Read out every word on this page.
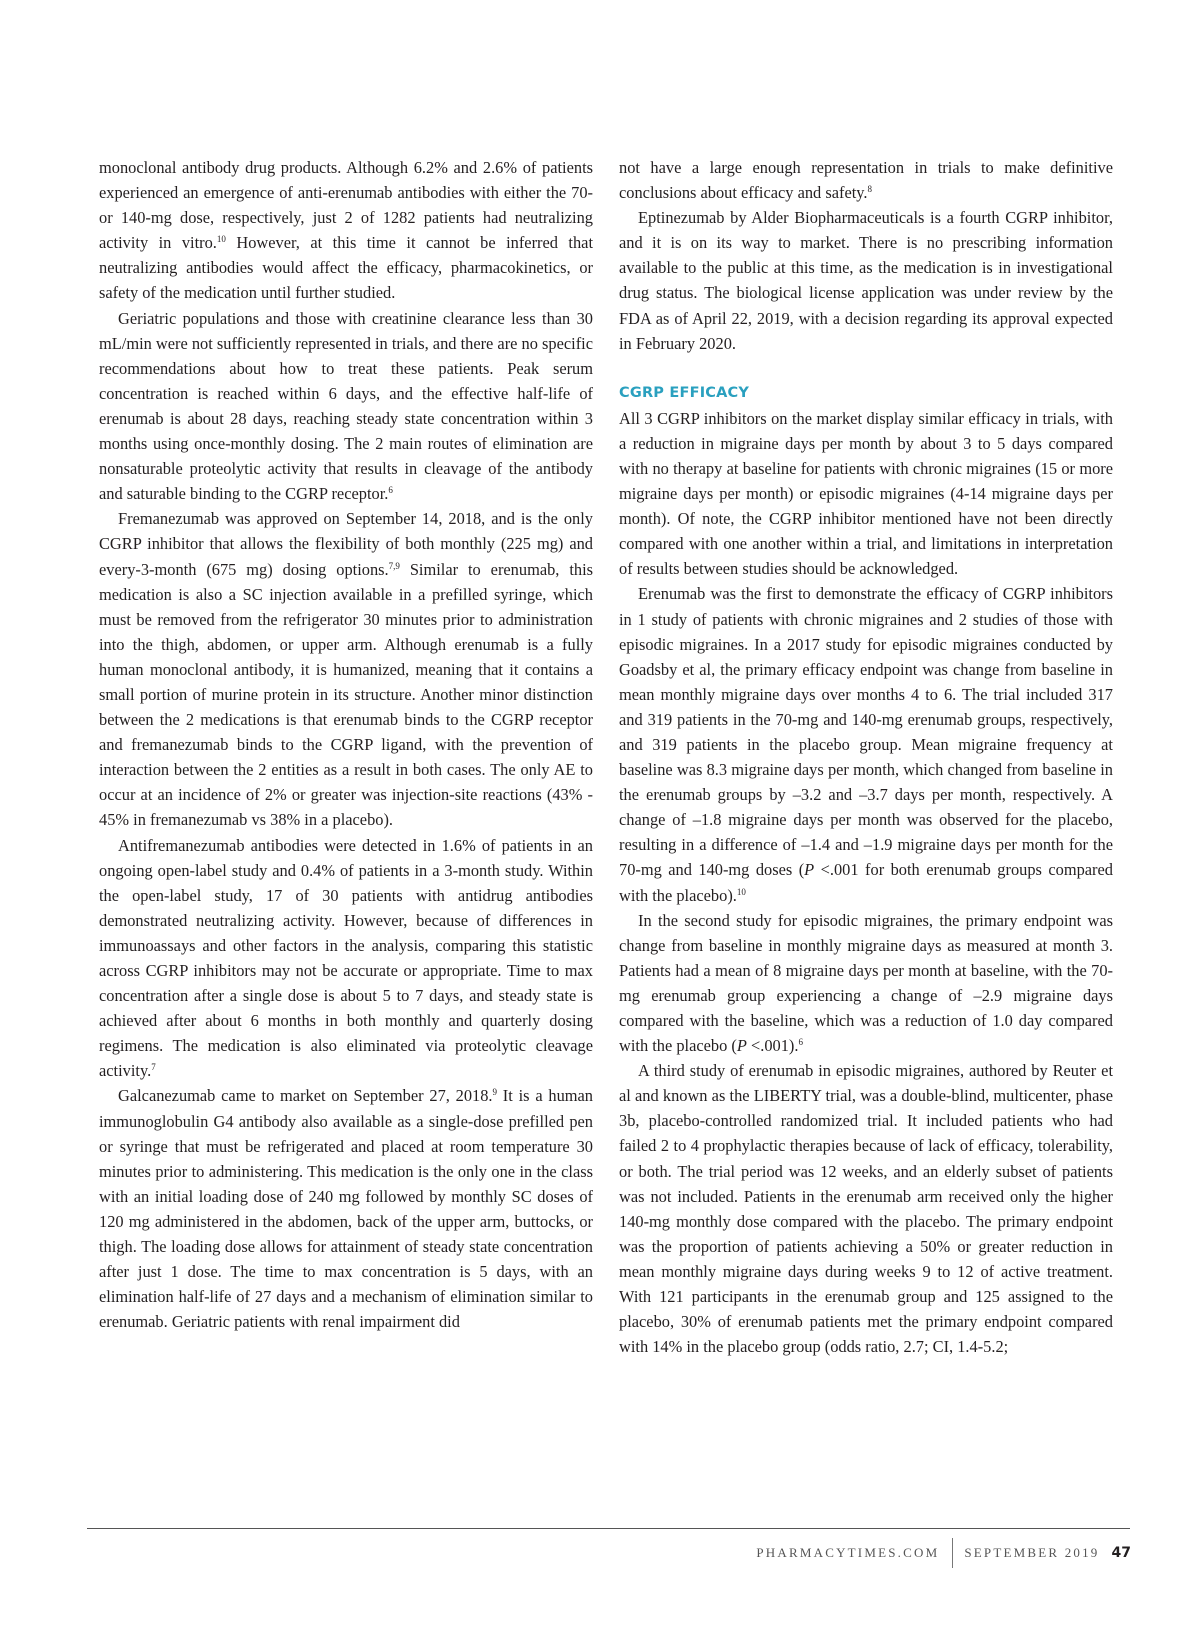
monoclonal antibody drug products. Although 6.2% and 2.6% of patients experienced an emergence of anti-erenumab antibodies with either the 70- or 140-mg dose, respectively, just 2 of 1282 patients had neutralizing activity in vitro.$^{10}$ However, at this time it cannot be inferred that neutralizing antibodies would affect the efficacy, pharmacokinetics, or safety of the medication until further studied.

Geriatric populations and those with creatinine clearance less than 30 mL/min were not sufficiently represented in trials, and there are no specific recommendations about how to treat these patients. Peak serum concentration is reached within 6 days, and the effective half-life of erenumab is about 28 days, reaching steady state concentration within 3 months using once-monthly dosing. The 2 main routes of elimination are nonsaturable proteolytic activity that results in cleavage of the antibody and saturable binding to the CGRP receptor.$^6$

Fremanezumab was approved on September 14, 2018, and is the only CGRP inhibitor that allows the flexibility of both monthly (225 mg) and every-3-month (675 mg) dosing options.$^{7,9}$ Similar to erenumab, this medication is also a SC injection available in a prefilled syringe, which must be removed from the refrigerator 30 minutes prior to administration into the thigh, abdomen, or upper arm. Although erenumab is a fully human monoclonal antibody, it is humanized, meaning that it contains a small portion of murine protein in its structure. Another minor distinction between the 2 medications is that erenumab binds to the CGRP receptor and fremanezumab binds to the CGRP ligand, with the prevention of interaction between the 2 entities as a result in both cases. The only AE to occur at an incidence of 2% or greater was injection-site reactions (43% - 45% in fremanezumab vs 38% in a placebo).

Antifremanezumab antibodies were detected in 1.6% of patients in an ongoing open-label study and 0.4% of patients in a 3-month study. Within the open-label study, 17 of 30 patients with antidrug antibodies demonstrated neutralizing activity. However, because of differences in immunoassays and other factors in the analysis, comparing this statistic across CGRP inhibitors may not be accurate or appropriate. Time to max concentration after a single dose is about 5 to 7 days, and steady state is achieved after about 6 months in both monthly and quarterly dosing regimens. The medication is also eliminated via proteolytic cleavage activity.$^7$

Galcanezumab came to market on September 27, 2018.$^9$ It is a human immunoglobulin G4 antibody also available as a single-dose prefilled pen or syringe that must be refrigerated and placed at room temperature 30 minutes prior to administering. This medication is the only one in the class with an initial loading dose of 240 mg followed by monthly SC doses of 120 mg administered in the abdomen, back of the upper arm, buttocks, or thigh. The loading dose allows for attainment of steady state concentration after just 1 dose. The time to max concentration is 5 days, with an elimination half-life of 27 days and a mechanism of elimination similar to erenumab. Geriatric patients with renal impairment did

not have a large enough representation in trials to make definitive conclusions about efficacy and safety.$^8$

Eptinezumab by Alder Biopharmaceuticals is a fourth CGRP inhibitor, and it is on its way to market. There is no prescribing information available to the public at this time, as the medication is in investigational drug status. The biological license application was under review by the FDA as of April 22, 2019, with a decision regarding its approval expected in February 2020.

CGRP EFFICACY

All 3 CGRP inhibitors on the market display similar efficacy in trials, with a reduction in migraine days per month by about 3 to 5 days compared with no therapy at baseline for patients with chronic migraines (15 or more migraine days per month) or episodic migraines (4-14 migraine days per month). Of note, the CGRP inhibitor mentioned have not been directly compared with one another within a trial, and limitations in interpretation of results between studies should be acknowledged.

Erenumab was the first to demonstrate the efficacy of CGRP inhibitors in 1 study of patients with chronic migraines and 2 studies of those with episodic migraines. In a 2017 study for episodic migraines conducted by Goadsby et al, the primary efficacy endpoint was change from baseline in mean monthly migraine days over months 4 to 6. The trial included 317 and 319 patients in the 70-mg and 140-mg erenumab groups, respectively, and 319 patients in the placebo group. Mean migraine frequency at baseline was 8.3 migraine days per month, which changed from baseline in the erenumab groups by –3.2 and –3.7 days per month, respectively. A change of –1.8 migraine days per month was observed for the placebo, resulting in a difference of –1.4 and –1.9 migraine days per month for the 70-mg and 140-mg doses (P <.001 for both erenumab groups compared with the placebo).$^{10}$

In the second study for episodic migraines, the primary endpoint was change from baseline in monthly migraine days as measured at month 3. Patients had a mean of 8 migraine days per month at baseline, with the 70-mg erenumab group experiencing a change of –2.9 migraine days compared with the baseline, which was a reduction of 1.0 day compared with the placebo (P <.001).$^6$

A third study of erenumab in episodic migraines, authored by Reuter et al and known as the LIBERTY trial, was a double-blind, multicenter, phase 3b, placebo-controlled randomized trial. It included patients who had failed 2 to 4 prophylactic therapies because of lack of efficacy, tolerability, or both. The trial period was 12 weeks, and an elderly subset of patients was not included. Patients in the erenumab arm received only the higher 140-mg monthly dose compared with the placebo. The primary endpoint was the proportion of patients achieving a 50% or greater reduction in mean monthly migraine days during weeks 9 to 12 of active treatment. With 121 participants in the erenumab group and 125 assigned to the placebo, 30% of erenumab patients met the primary endpoint compared with 14% in the placebo group (odds ratio, 2.7; CI, 1.4-5.2;

PHARMACYTIMES.COM SEPTEMBER 2019 47
